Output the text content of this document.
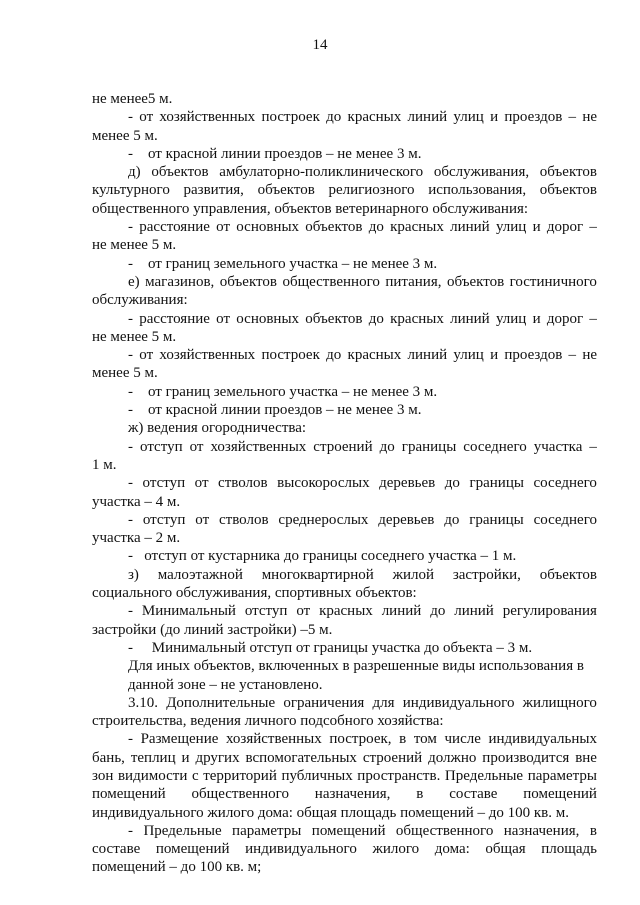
14
не менее5 м.
- от хозяйственных построек до красных линий улиц и проездов – не
менее 5 м.
-    от красной линии проездов – не менее 3 м.
д) объектов амбулаторно-поликлинического обслуживания, объектов
культурного развития, объектов религиозного использования, объектов
общественного управления, объектов ветеринарного обслуживания:
- расстояние от основных объектов до красных линий улиц и дорог –
не менее 5 м.
-    от границ земельного участка – не менее 3 м.
е) магазинов, объектов общественного питания, объектов гостиничного
обслуживания:
- расстояние от основных объектов до красных линий улиц и дорог –
не менее 5 м.
- от хозяйственных построек до красных линий улиц и проездов – не
менее 5 м.
-    от границ земельного участка – не менее 3 м.
-    от красной линии проездов – не менее 3 м.
ж) ведения огородничества:
- отступ от хозяйственных строений до границы соседнего участка –
1 м.
- отступ от стволов высокорослых деревьев до границы соседнего
участка – 4 м.
- отступ от стволов среднерослых деревьев до границы соседнего
участка – 2 м.
-   отступ от кустарника до границы соседнего участка – 1 м.
з) малоэтажной многоквартирной жилой застройки, объектов
социального обслуживания, спортивных объектов:
- Минимальный отступ от красных линий до линий регулирования
застройки (до линий застройки) –5 м.
-     Минимальный отступ от границы участка до объекта – 3 м.
Для иных объектов, включенных в разрешенные виды использования в
данной зоне – не установлено.
3.10. Дополнительные ограничения для индивидуального жилищного
строительства, ведения личного подсобного хозяйства:
- Размещение хозяйственных построек, в том числе индивидуальных
бань, теплиц и других вспомогательных строений должно производится вне
зон видимости с территорий публичных пространств. Предельные параметры
помещений общественного назначения, в составе помещений
индивидуального жилого дома: общая площадь помещений – до 100 кв. м.
- Предельные параметры помещений общественного назначения, в
составе помещений индивидуального жилого дома: общая площадь
помещений – до 100 кв. м;
